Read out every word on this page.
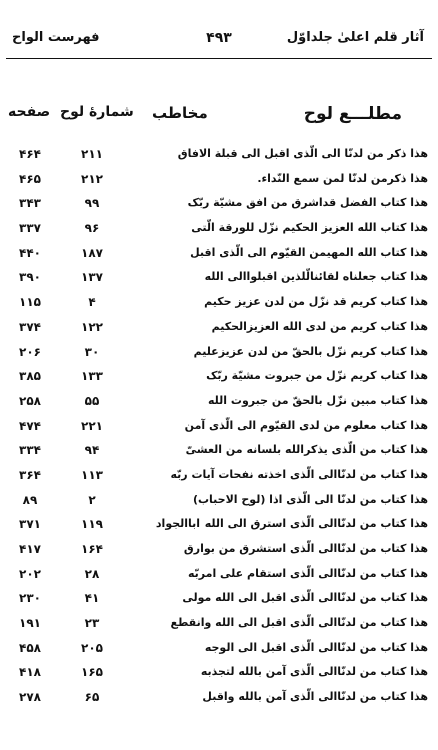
آثار قلم اعلیٰ جلداوّل
۴۹۳
فهرست الواح
مطلـــع لوح
مخاطب
شمارهٔ لوح
صفحه
هذا ذکر من لدنّا الی الّذی اقبل الی قبلة الافاق
۲۱۱
۴۶۴
هذا ذکرمن لدنّا لمن سمع النّداء.
۲۱۲
۴۶۵
هذا کتاب الفضل قداشرق من افق مشیّة ربّک
۹۹
۳۴۳
هذا کتاب الله العزیز الحکیم نزّل للورقة الّتی
۹۶
۳۳۷
هذا کتاب الله المهیمن القیّوم الی الّذی اقبل
۱۸۷
۴۴۰
هذا کتاب جعلناه لقائنالّلذین اقبلواالی الله
۱۳۷
۳۹۰
هذا کتاب کریم قد نزّل من لدن عزیز حکیم
۴
۱۱۵
هذا کتاب کریم من لدی الله العزیزالحکیم
۱۲۲
۳۷۴
هذا کتاب کریم نزّل بالحقّ من لدن عزیزعلیم
۳۰
۲۰۶
هذا کتاب کریم نزّل من جبروت مشیّة ربّک
۱۳۳
۳۸۵
هذا کتاب مبین نزّل بالحقّ من جبروت الله
۵۵
۲۵۸
هذا کتاب معلوم من لدی القیّوم الی الّذی آمن
۲۲۱
۴۷۴
هذا کتاب من الّذی یذکرالله بلسانه من العشیّ
۹۴
۳۳۴
هذا کتاب من لدنّاالی الّذی اخذته نفحات آیات ربّه
۱۱۳
۳۶۴
هذا کتاب من لدنّا الی الّذی اذا (لوح الاحباب)
۲
۸۹
هذا کتاب من لدنّاالی الّذی استرق الی الله
اباالجواد
۱۱۹
۳۷۱
هذا کتاب من لدنّاالی الّذی استشرق من بوارق
۱۶۴
۴۱۷
هذا کتاب من لدنّاالی الّذی استقام علی امربّه
۲۸
۲۰۲
هذا کتاب من لدنّاالی الّذی اقبل الی الله مولی
۴۱
۲۳۰
هذا کتاب من لدنّاالی الّذی اقبل الی الله وانقطع
۲۳
۱۹۱
هذا کتاب من لدنّاالی الّذی اقبل الی الوجه
۲۰۵
۴۵۸
هذا کتاب من لدنّاالی الّذی آمن بالله لتجذبه
۱۶۵
۴۱۸
هذا کتاب من لدنّاالی الّذی آمن بالله واقبل
۶۵
۲۷۸
